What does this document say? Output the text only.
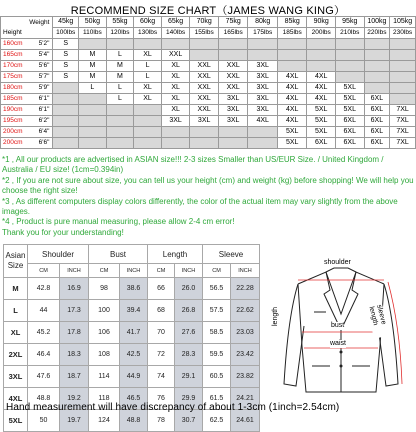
RECOMMEND SIZE CHART（JAMES WANG KING）
Weight
Height	45kg	50kg	55kg	60kg	65kg	70kg	75kg	80kg	85kg	90kg	95kg	100kg	105kg
	100lbs	110lbs	120lbs	130lbs	140lbs	155lbs	165lbs	175lbs	185lbs	200lbs	210lbs	220lbs	230lbs
160cm 5'2"	S												
165cm 5'4"	S	M	L	XL	XXL								
170cm 5'6"	S	M	M	L	XL	XXL	XXL	3XL					
175cm 5'7"	S	M	M	L	XL	XXL	XXL	3XL	4XL	4XL			
180cm 5'9"		L	L	XL	XL	XXL	XXL	3XL	4XL	4XL	5XL		
185cm 6'1"			L	XL	XL	XXL	3XL	3XL	4XL	4XL	5XL	6XL	
190cm 6'1"					XL	XXL	3XL	3XL	4XL	5XL	5XL	6XL	7XL
195cm 6'2"					3XL	3XL	3XL	4XL	4XL	5XL	6XL	6XL	7XL
200cm 6'4"									5XL	5XL	6XL	6XL	7XL
200cm 6'6"									5XL	6XL	6XL	6XL	7XL
*1 , All our products are advertised in ASIAN size!!! 2-3 sizes Smaller than US/EUR Size. / United Kingdom / Australia / EU size! (1cm=0.394in)
*2 , If you are not sure about size, you can tell us your height (cm) and weight (kg) before shopping! We will help you choose the right size!
*3 , As different computers display colors differently, the color of the actual item may vary slightly from the above images.
*4 , Product is pure manual measuring, please allow 2-4 cm error!
Thank you for your understanding!
Asian Size	Shoulder		Bust		Length		Sleeve	
	CM	INCH	CM	INCH	CM	INCH	CM	INCH
M	42.8	16.9	98	38.6	66	26.0	56.5	22.28
L	44	17.3	100	39.4	68	26.8	57.5	22.62
XL	45.2	17.8	106	41.7	70	27.6	58.5	23.03
2XL	46.4	18.3	108	42.5	72	28.3	59.5	23.42
3XL	47.6	18.7	114	44.9	74	29.1	60.5	23.82
4XL	48.8	19.2	118	46.5	76	29.9	61.5	24.21
5XL	50	19.7	124	48.8	78	30.7	62.5	24.61
shoulder
bust
waist
sleeve length
length
Hand measurement will have discrepancy of about 1-3cm (1inch=2.54cm)
